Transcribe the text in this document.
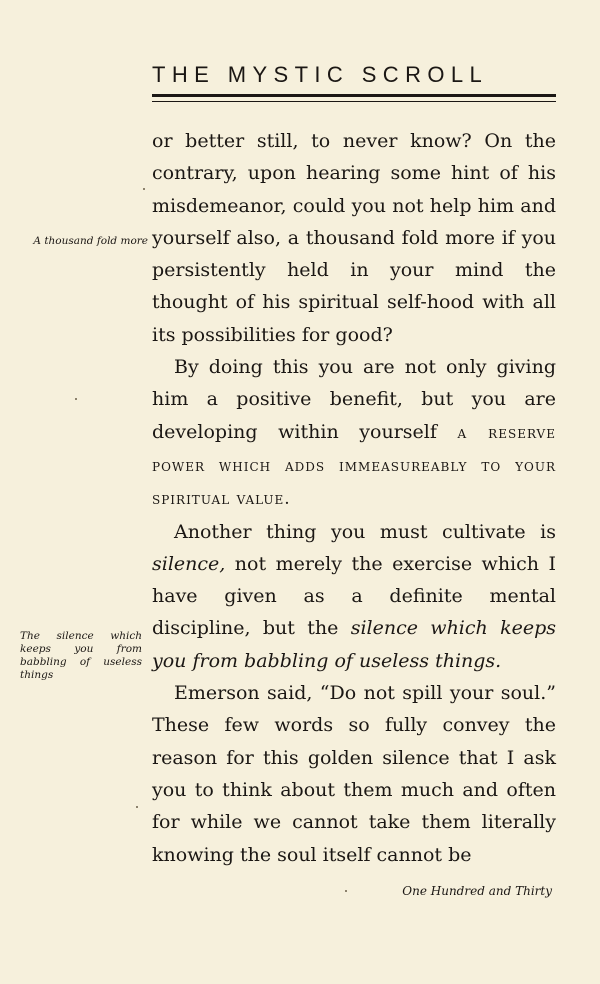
THE MYSTIC SCROLL
A thousand fold more
The silence which keeps you from babbling of useless things

or better still, to never know? On the contrary, upon hearing some hint of his misdemeanor, could you not help him and yourself also, a thousand fold more if you persistently held in your mind the thought of his spiritual self-hood with all its possibilities for good?

By doing this you are not only giving him a positive benefit, but you are developing within yourself a reserve power which adds immeasureably to your spiritual value.

Another thing you must cultivate is silence, not merely the exercise which I have given as a definite mental discipline, but the silence which keeps you from babbling of useless things.

Emerson said, “Do not spill your soul.” These few words so fully convey the reason for this golden silence that I ask you to think about them much and often for while we cannot take them literally knowing the soul itself cannot be

One Hundred and Thirty
